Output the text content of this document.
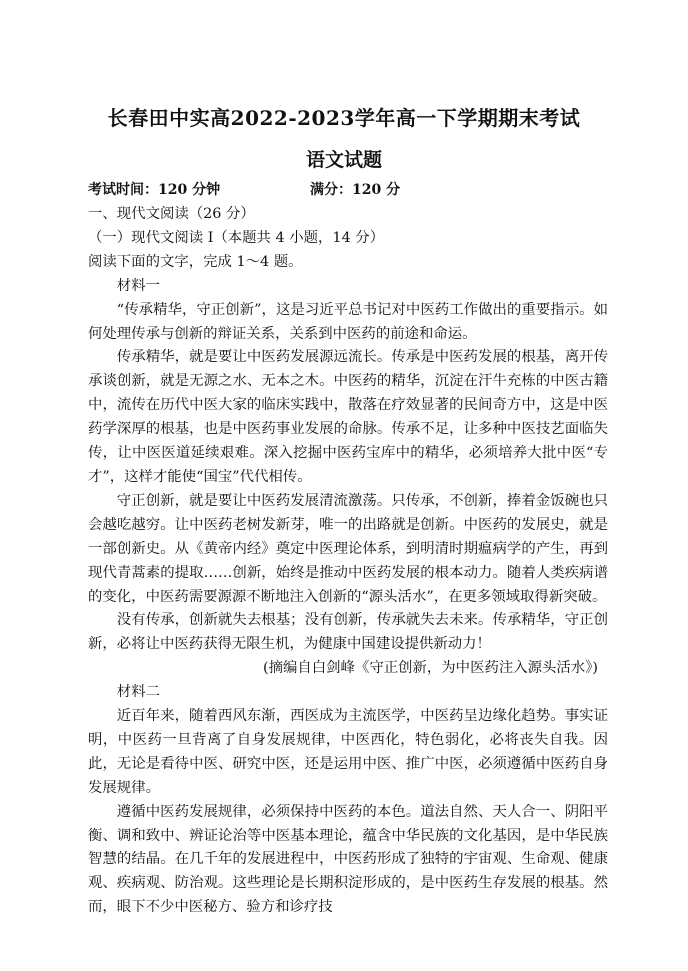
长春田中实高2022-2023学年高一下学期期末考试
语文试题
考试时间：120 分钟	满分：120 分

一、现代文阅读（26 分）

（一）现代文阅读 I（本题共 4 小题，14 分）

阅读下面的文字，完成 1～4 题。

材料一

“传承精华，守正创新”，这是习近平总书记对中医药工作做出的重要指示。如何处理传承与创新的辩证关系，关系到中医药的前途和命运。

传承精华，就是要让中医药发展源远流长。传承是中医药发展的根基，离开传承谈创新，就是无源之水、无本之木。中医药的精华，沉淀在汗牛充栋的中医古籍中，流传在历代中医大家的临床实践中，散落在疗效显著的民间奇方中，这是中医药学深厚的根基，也是中医药事业发展的命脉。传承不足，让多种中医技艺面临失传，让中医医道延续艰难。深入挖掘中医药宝库中的精华，必须培养大批中医“专才”，这样才能使“国宝”代代相传。

守正创新，就是要让中医药发展清流激荡。只传承，不创新，捧着金饭碗也只会越吃越穷。让中医药老树发新芽，唯一的出路就是创新。中医药的发展史，就是一部创新史。从《黄帝内经》奠定中医理论体系，到明清时期瘟病学的产生，再到现代青蒿素的提取……创新，始终是推动中医药发展的根本动力。随着人类疾病谱的变化，中医药需要源源不断地注入创新的“源头活水”，在更多领域取得新突破。

没有传承，创新就失去根基；没有创新，传承就失去未来。传承精华，守正创新，必将让中医药获得无限生机，为健康中国建设提供新动力！

(摘编自白剑峰《守正创新，为中医药注入源头活水》)

材料二

近百年来，随着西风东渐，西医成为主流医学，中医药呈边缘化趋势。事实证明，中医药一旦背离了自身发展规律，中医西化，特色弱化，必将丧失自我。因此，无论是看待中医、研究中医，还是运用中医、推广中医，必须遵循中医药自身发展规律。

遵循中医药发展规律，必须保持中医药的本色。道法自然、天人合一、阴阳平衡、调和致中、辨证论治等中医基本理论，蕴含中华民族的文化基因，是中华民族智慧的结晶。在几千年的发展进程中，中医药形成了独特的宇宙观、生命观、健康观、疾病观、防治观。这些理论是长期积淀形成的，是中医药生存发展的根基。然而，眼下不少中医秘方、验方和诊疗技
